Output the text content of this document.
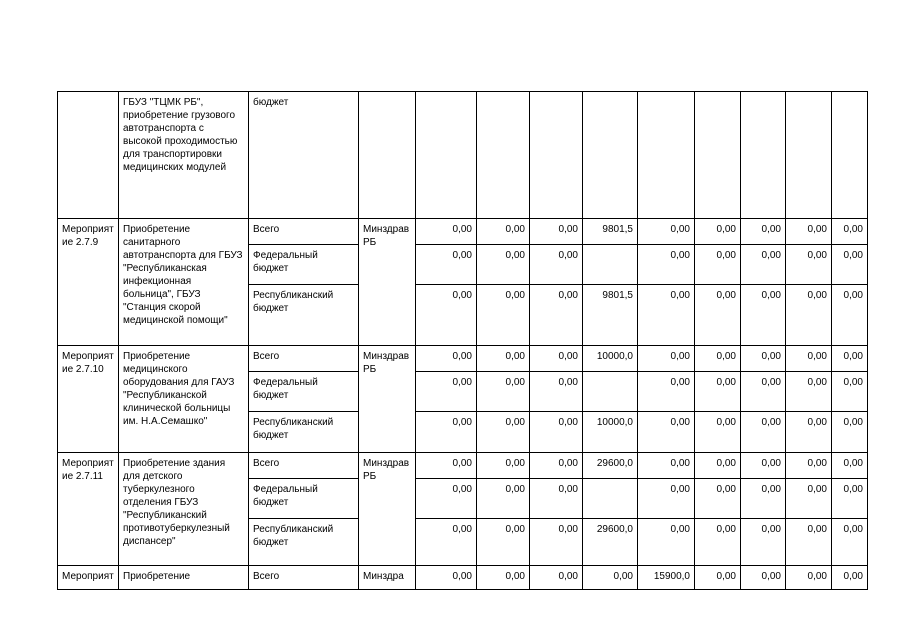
	ГБУЗ "ТЦМК РБ", приобретение грузового автотранспорта с высокой проходимостью для транспортировки медицинских модулей	бюджет										
Мероприятие 2.7.9	Приобретение санитарного автотранспорта для ГБУЗ "Республиканская инфекционная больница", ГБУЗ "Станция скорой медицинской помощи"	Всего	Минздрав РБ	0,00	0,00	0,00	9801,5	0,00	0,00	0,00	0,00	0,00
		Федеральный бюджет		0,00	0,00	0,00		0,00	0,00	0,00	0,00	0,00
		Республиканский бюджет		0,00	0,00	0,00	9801,5	0,00	0,00	0,00	0,00	0,00
Мероприятие 2.7.10	Приобретение медицинского оборудования для ГАУЗ "Республиканской клинической больницы им. Н.А.Семашко"	Всего	Минздрав РБ	0,00	0,00	0,00	10000,0	0,00	0,00	0,00	0,00	0,00
		Федеральный бюджет		0,00	0,00	0,00		0,00	0,00	0,00	0,00	0,00
		Республиканский бюджет		0,00	0,00	0,00	10000,0	0,00	0,00	0,00	0,00	0,00
Мероприятие 2.7.11	Приобретение здания для детского туберкулезного отделения ГБУЗ "Республиканский противотуберкулезный диспансер"	Всего	Минздрав РБ	0,00	0,00	0,00	29600,0	0,00	0,00	0,00	0,00	0,00
		Федеральный бюджет		0,00	0,00	0,00		0,00	0,00	0,00	0,00	0,00
		Республиканский бюджет		0,00	0,00	0,00	29600,0	0,00	0,00	0,00	0,00	0,00
Мероприят	Приобретение	Всего	Минздра	0,00	0,00	0,00	0,00	15900,0	0,00	0,00	0,00	0,00
